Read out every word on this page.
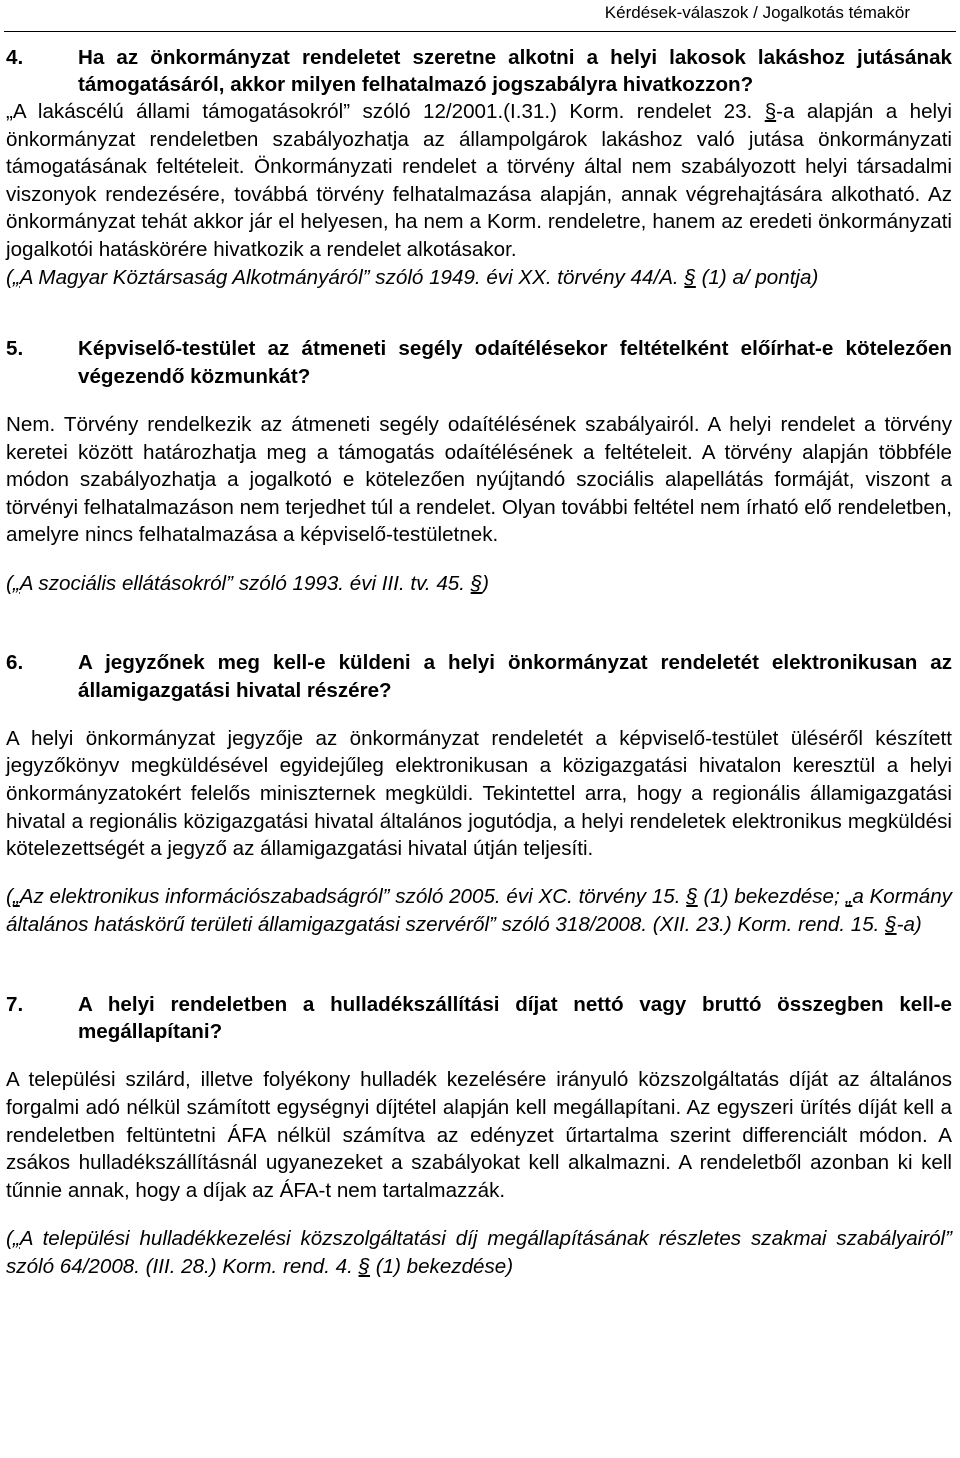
Kérdések-válaszok / Jogalkotás témakör
4.	Ha az önkormányzat rendeletet szeretne alkotni a helyi lakosok lakáshoz jutásának támogatásáról, akkor milyen felhatalmazó jogszabályra hivatkozzon?
„A lakáscélú állami támogatásokról” szóló 12/2001.(I.31.) Korm. rendelet 23. §-a alapján a helyi önkormányzat rendeletben szabályozhatja az állampolgárok lakáshoz való jutása önkormányzati támogatásának feltételeit. Önkormányzati rendelet a törvény által nem szabályozott helyi társadalmi viszonyok rendezésére, továbbá törvény felhatalmazása alapján, annak végrehajtására alkotható. Az önkormányzat tehát akkor jár el helyesen, ha nem a Korm. rendeletre, hanem az eredeti önkormányzati jogalkotói hatáskörére hivatkozik a rendelet alkotásakor.

(„A Magyar Köztársaság Alkotmányáról” szóló 1949. évi XX. törvény 44/A. § (1) a/ pontja)

5.	Képviselő-testület az átmeneti segély odaítélésekor feltételként előírhat-e kötelezően végezendő közmunkát?

Nem. Törvény rendelkezik az átmeneti segély odaítélésének szabályairól. A helyi rendelet a törvény keretei között határozhatja meg a támogatás odaítélésének a feltételeit. A törvény alapján többféle módon szabályozhatja a jogalkotó e kötelezően nyújtandó szociális alapellátás formáját, viszont a törvényi felhatalmazáson nem terjedhet túl a rendelet. Olyan további feltétel nem írható elő rendeletben, amelyre nincs felhatalmazása a képviselő-testületnek.

(„A szociális ellátásokról” szóló 1993. évi III. tv. 45. §)

6.	A jegyzőnek meg kell-e küldeni a helyi önkormányzat rendeletét elektronikusan az államigazgatási hivatal részére?

A helyi önkormányzat jegyzője az önkormányzat rendeletét a képviselő-testület üléséről készített jegyzőkönyv megküldésével egyidejűleg elektronikusan a közigazgatási hivatalon keresztül a helyi önkormányzatokért felelős miniszternek megküldi. Tekintettel arra, hogy a regionális államigazgatási hivatal a regionális közigazgatási hivatal általános jogutódja, a helyi rendeletek elektronikus megküldési kötelezettségét a jegyző az államigazgatási hivatal útján teljesíti.

(„Az elektronikus információszabadságról” szóló 2005. évi XC. törvény 15. § (1) bekezdése; „a Kormány általános hatáskörű területi államigazgatási szervéről” szóló 318/2008. (XII. 23.) Korm. rend. 15. §-a)

7.	A helyi rendeletben a hulladékszállítási díjat nettó vagy bruttó összegben kell-e megállapítani?

A települési szilárd, illetve folyékony hulladék kezelésére irányuló közszolgáltatás díját az általános forgalmi adó nélkül számított egységnyi díjtétel alapján kell megállapítani. Az egyszeri ürítés díját kell a rendeletben feltüntetni ÁFA nélkül számítva az edényzet űrtartalma szerint differenciált módon. A zsákos hulladékszállításnál ugyanezeket a szabályokat kell alkalmazni. A rendeletből azonban ki kell tűnnie annak, hogy a díjak az ÁFA-t nem tartalmazzák.

(„A települési hulladékkezelési közszolgáltatási díj megállapításának részletes szakmai szabályairól” szóló 64/2008. (III. 28.) Korm. rend. 4. § (1) bekezdése)
